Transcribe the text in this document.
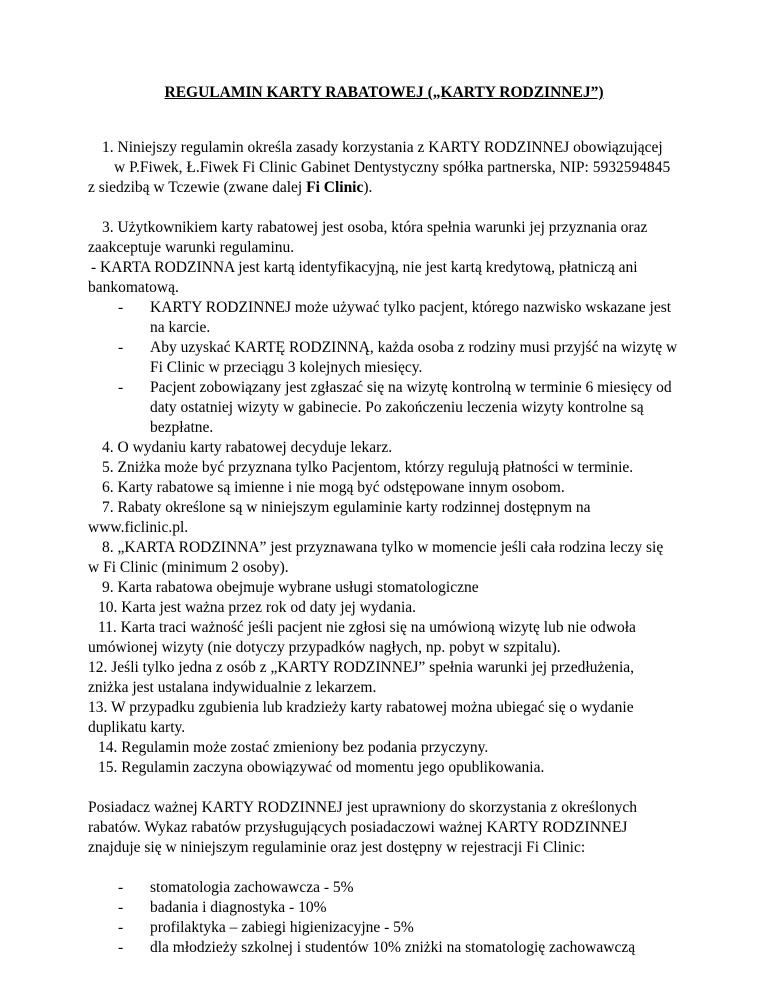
REGULAMIN KARTY RABATOWEJ („KARTY RODZINNEJ”)
1. Niniejszy regulamin określa zasady korzystania z KARTY RODZINNEJ obowiązującej
w P.Fiwek, Ł.Fiwek Fi Clinic Gabinet Dentystyczny spółka partnerska, NIP: 5932594845
z siedzibą w Tczewie (zwane dalej Fi Clinic).
3. Użytkownikiem karty rabatowej jest osoba, która spełnia warunki jej przyznania oraz
zaakceptuje warunki regulaminu.
- KARTA RODZINNA jest kartą identyfikacyjną, nie jest kartą kredytową, płatniczą ani
bankomatową.
- KARTY RODZINNEJ może używać tylko pacjent, którego nazwisko wskazane jest
na karcie.
- Aby uzyskać KARTĘ RODZINNĄ, każda osoba z rodziny musi przyjść na wizytę w
Fi Clinic w przeciągu 3 kolejnych miesięcy.
- Pacjent zobowiązany jest zgłaszać się na wizytę kontrolną w terminie 6 miesięcy od
daty ostatniej wizyty w gabinecie. Po zakończeniu leczenia wizyty kontrolne są
bezpłatne.
4. O wydaniu karty rabatowej decyduje lekarz.
5. Zniżka może być przyznana tylko Pacjentom, którzy regulują płatności w terminie.
6. Karty rabatowe są imienne i nie mogą być odstępowane innym osobom.
7. Rabaty określone są w niniejszym egulaminie karty rodzinnej dostępnym na
www.ficlinic.pl.
8. „KARTA RODZINNA” jest przyznawana tylko w momencie jeśli cała rodzina leczy się
w Fi Clinic (minimum 2 osoby).
9. Karta rabatowa obejmuje wybrane usługi stomatologiczne
10. Karta jest ważna przez rok od daty jej wydania.
11. Karta traci ważność jeśli pacjent nie zgłosi się na umówioną wizytę lub nie odwoła
umówionej wizyty (nie dotyczy przypadków nagłych, np. pobyt w szpitalu).
12. Jeśli tylko jedna z osób z „KARTY RODZINNEJ” spełnia warunki jej przedłużenia,
zniżka jest ustalana indywidualnie z lekarzem.
13. W przypadku zgubienia lub kradzieży karty rabatowej można ubiegać się o wydanie
duplikatu karty.
14. Regulamin może zostać zmieniony bez podania przyczyny.
15. Regulamin zaczyna obowiązywać od momentu jego opublikowania.
Posiadacz ważnej KARTY RODZINNEJ jest uprawniony do skorzystania z określonych
rabatów. Wykaz rabatów przysługujących posiadaczowi ważnej KARTY RODZINNEJ
znajduje się w niniejszym regulaminie oraz jest dostępny w rejestracji Fi Clinic:
- stomatologia zachowawcza - 5%
- badania i diagnostyka - 10%
- profilaktyka – zabiegi higienizacyjne - 5%
- dla młodzieży szkolnej i studentów 10% zniżki na stomatologię zachowawczą
